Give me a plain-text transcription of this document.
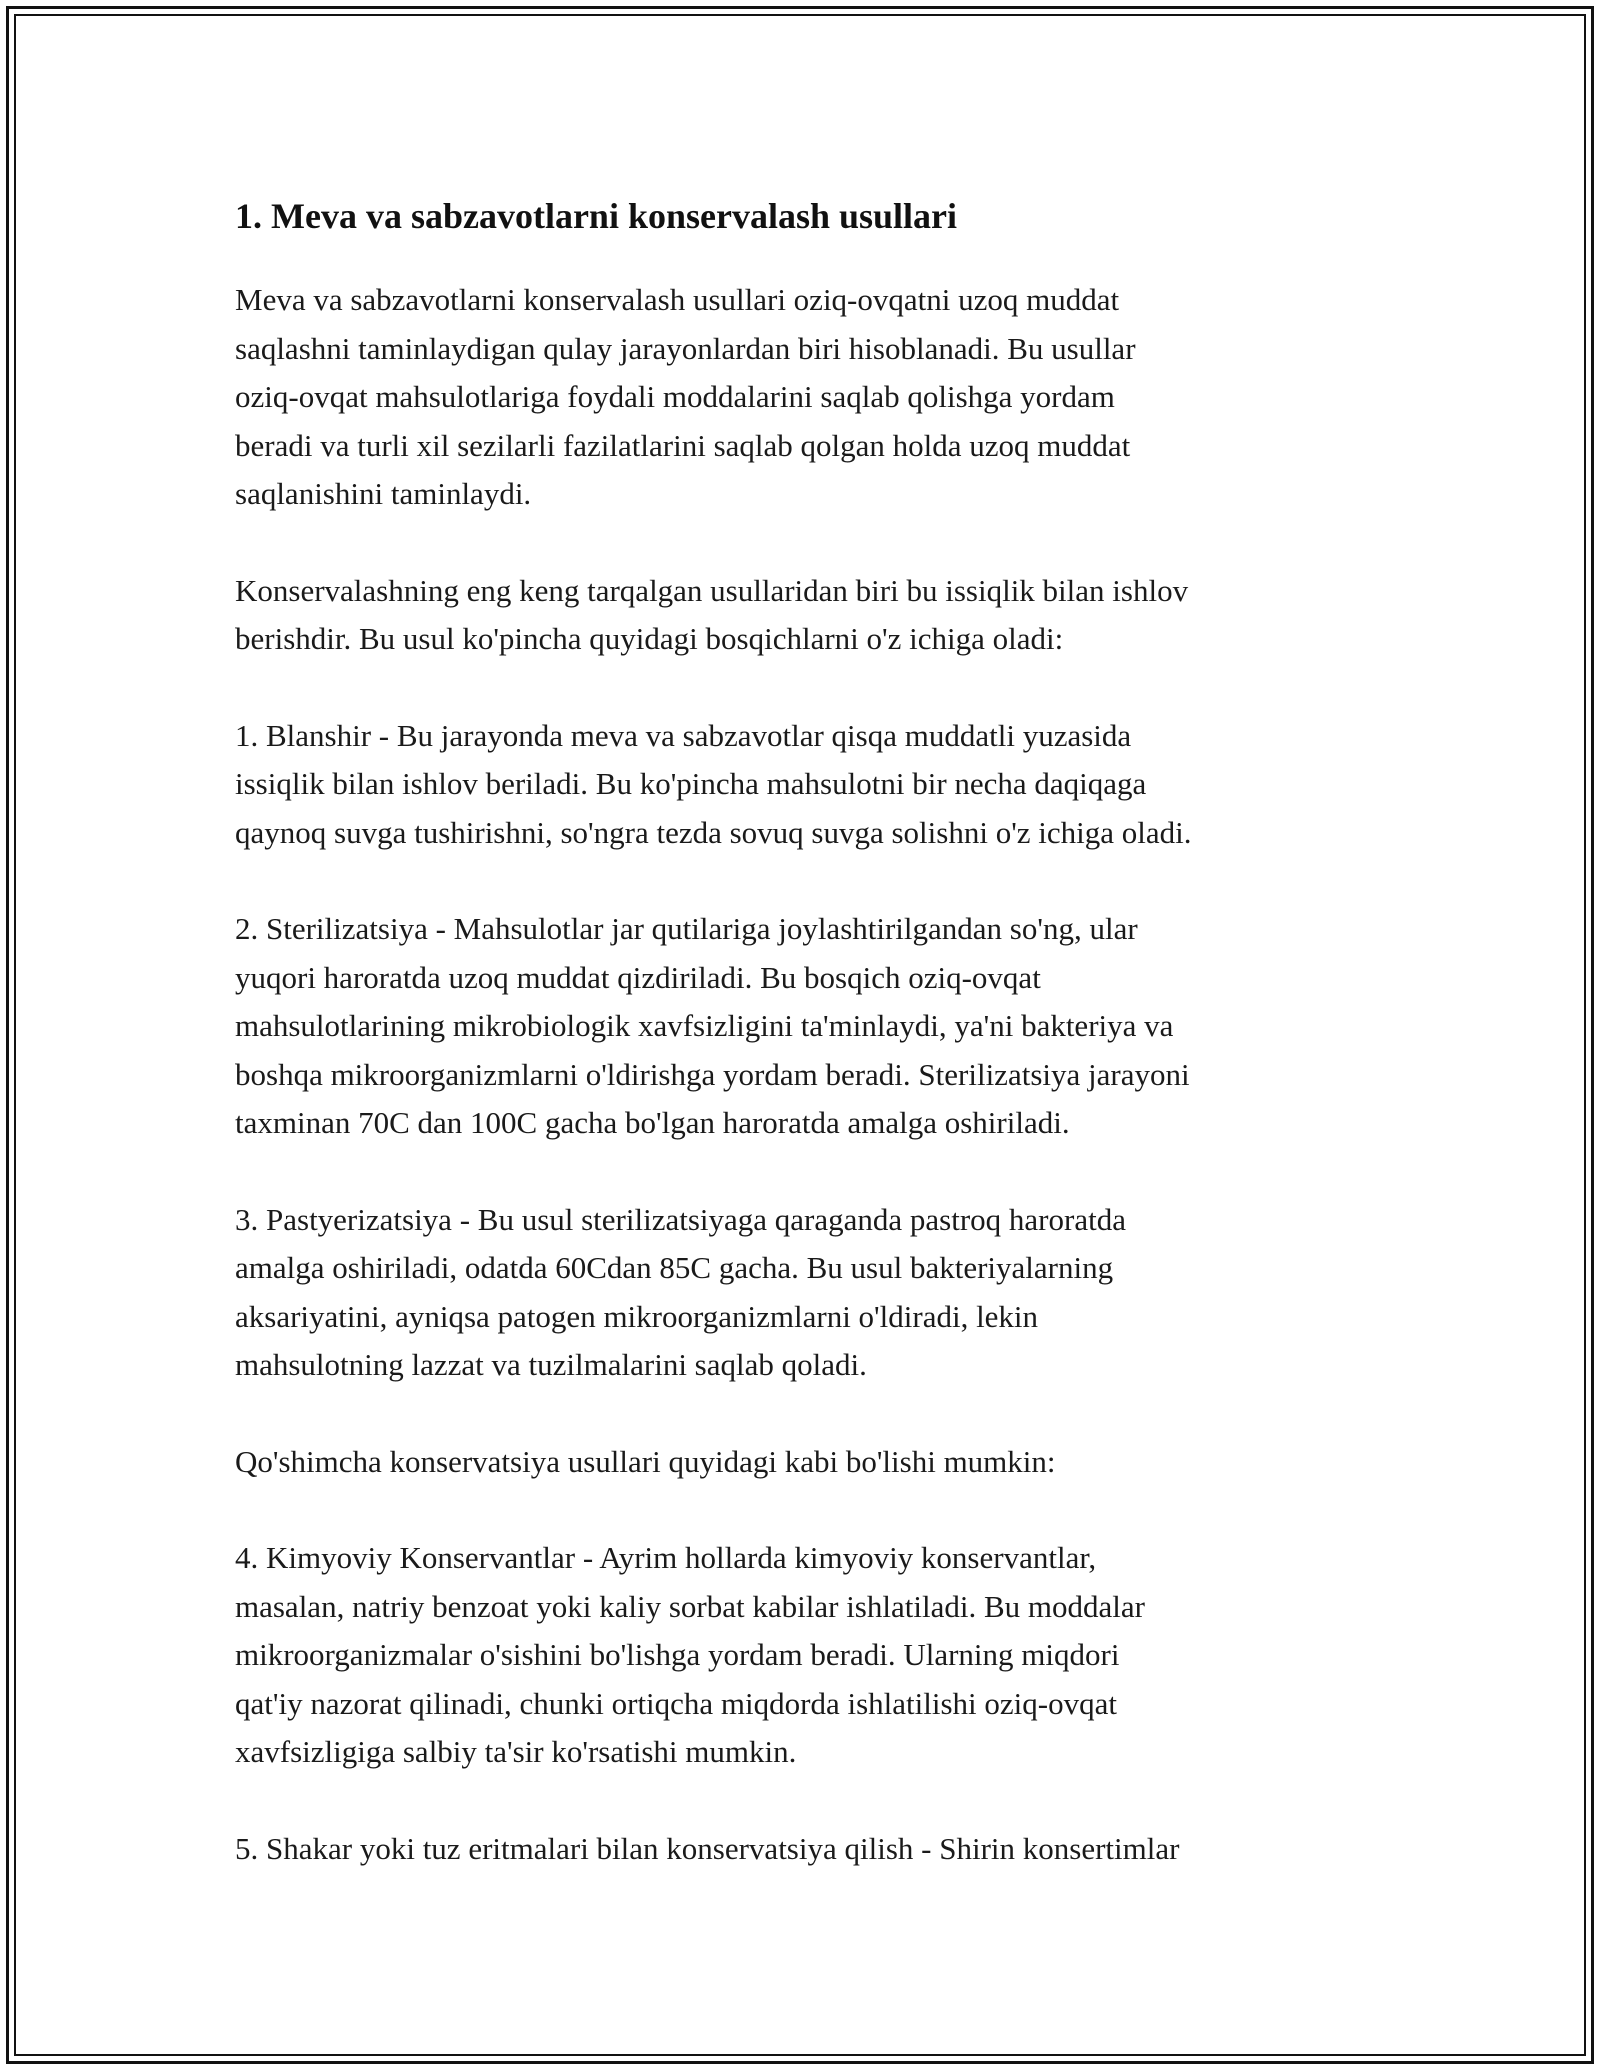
1. Meva va sabzavotlarni konservalash usullari

Meva va sabzavotlarni konservalash usullari oziq-ovqatni uzoq muddat
saqlashni taminlaydigan qulay jarayonlardan biri hisoblanadi. Bu usullar
oziq-ovqat mahsulotlariga foydali moddalarini saqlab qolishga yordam
beradi va turli xil sezilarli fazilatlarini saqlab qolgan holda uzoq muddat
saqlanishini taminlaydi.

Konservalashning eng keng tarqalgan usullaridan biri bu issiqlik bilan ishlov
berishdir. Bu usul ko'pincha quyidagi bosqichlarni o'z ichiga oladi:

1. Blanshir - Bu jarayonda meva va sabzavotlar qisqa muddatli yuzasida
issiqlik bilan ishlov beriladi. Bu ko'pincha mahsulotni bir necha daqiqaga
qaynoq suvga tushirishni, so'ngra tezda sovuq suvga solishni o'z ichiga oladi.

2. Sterilizatsiya - Mahsulotlar jar qutilariga joylashtirilgandan so'ng, ular
yuqori haroratda uzoq muddat qizdiriladi. Bu bosqich oziq-ovqat
mahsulotlarining mikrobiologik xavfsizligini ta'minlaydi, ya'ni bakteriya va
boshqa mikroorganizmlarni o'ldirishga yordam beradi. Sterilizatsiya jarayoni
taxminan 70C dan 100C gacha bo'lgan haroratda amalga oshiriladi.

3. Pastyerizatsiya - Bu usul sterilizatsiyaga qaraganda pastroq haroratda
amalga oshiriladi, odatda 60Cdan 85C gacha. Bu usul bakteriyalarning
aksariyatini, ayniqsa patogen mikroorganizmlarni o'ldiradi, lekin
mahsulotning lazzat va tuzilmalarini saqlab qoladi.

Qo'shimcha konservatsiya usullari quyidagi kabi bo'lishi mumkin:

4. Kimyoviy Konservantlar - Ayrim hollarda kimyoviy konservantlar,
masalan, natriy benzoat yoki kaliy sorbat kabilar ishlatiladi. Bu moddalar
mikroorganizmalar o'sishini bo'lishga yordam beradi. Ularning miqdori
qat'iy nazorat qilinadi, chunki ortiqcha miqdorda ishlatilishi oziq-ovqat
xavfsizligiga salbiy ta'sir ko'rsatishi mumkin.

5. Shakar yoki tuz eritmalari bilan konservatsiya qilish - Shirin konsertimlar
